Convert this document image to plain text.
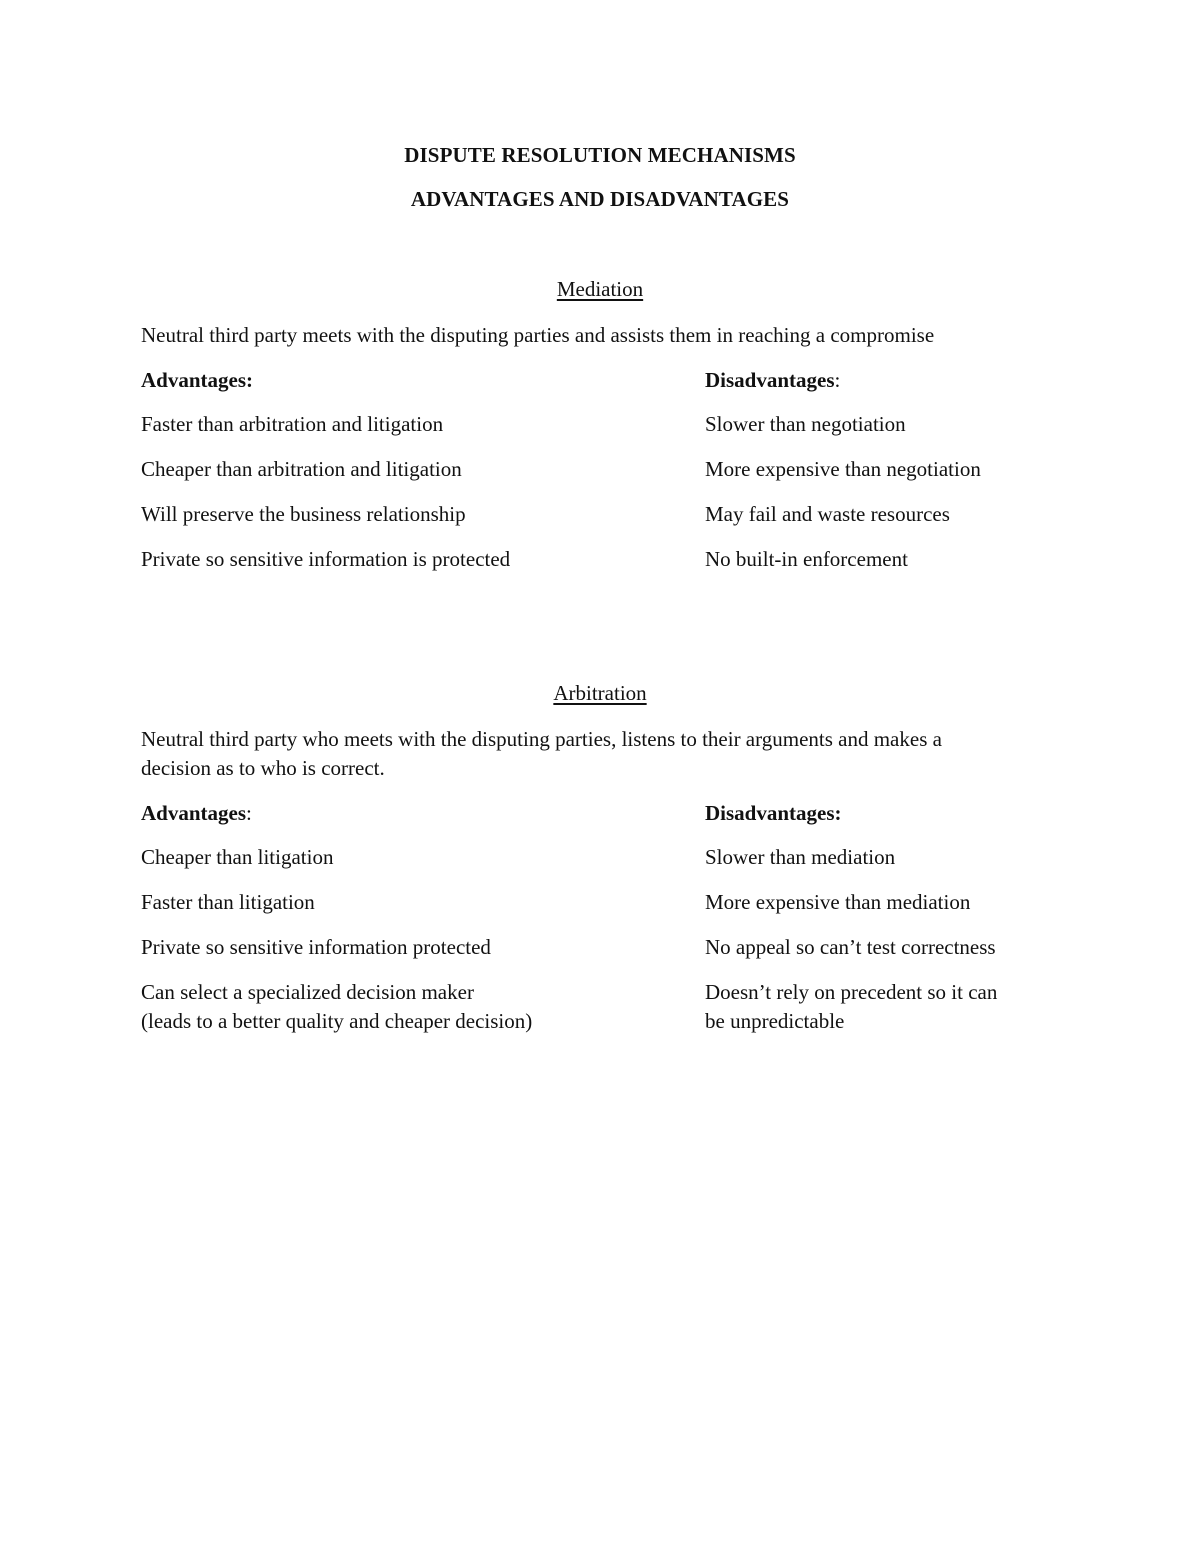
DISPUTE RESOLUTION MECHANISMS
ADVANTAGES AND DISADVANTAGES
Mediation
Neutral third party meets with the disputing parties and assists them in reaching a compromise
Advantages:
Faster than arbitration and litigation
Cheaper than arbitration and litigation
Will preserve the business relationship
Private so sensitive information is protected
Disadvantages:
Slower than negotiation
More expensive than negotiation
May fail and waste resources
No built-in enforcement
Arbitration
Neutral third party who meets with the disputing parties, listens to their arguments and makes a
decision as to who is correct.
Advantages:
Cheaper than litigation
Faster than litigation
Private so sensitive information protected
Can select a specialized decision maker
(leads to a better quality and cheaper decision)
Disadvantages:
Slower than mediation
More expensive than mediation
No appeal so can’t test correctness
Doesn’t rely on precedent so it can
be unpredictable
